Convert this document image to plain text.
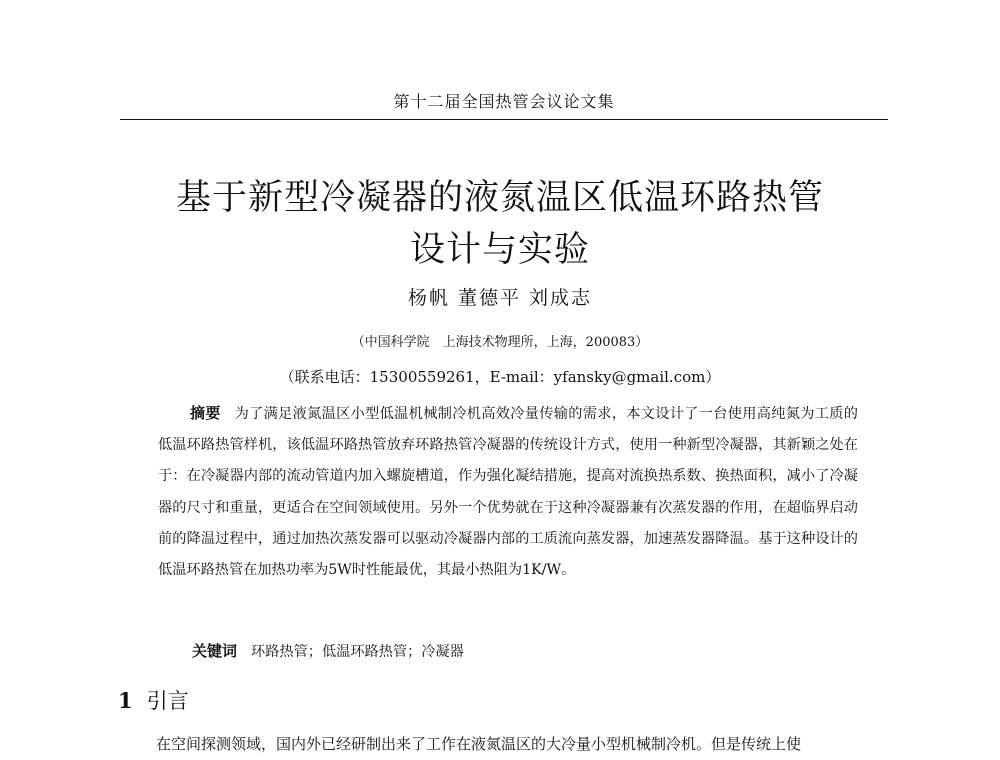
第十二届全国热管会议论文集
基于新型冷凝器的液氮温区低温环路热管
设计与实验
杨帆 董德平 刘成志
（中国科学院　上海技术物理所，上海，200083）
（联系电话：15300559261，E-mail：yfansky@gmail.com）
摘要 为了满足液氮温区小型低温机械制冷机高效冷量传输的需求，本文设计了一台使用高纯氮为工质的低温环路热管样机，该低温环路热管放弃环路热管冷凝器的传统设计方式，使用一种新型冷凝器，其新颖之处在于：在冷凝器内部的流动管道内加入螺旋槽道，作为强化凝结措施，提高对流换热系数、换热面积，减小了冷凝器的尺寸和重量，更适合在空间领域使用。另外一个优势就在于这种冷凝器兼有次蒸发器的作用，在超临界启动前的降温过程中，通过加热次蒸发器可以驱动冷凝器内部的工质流向蒸发器，加速蒸发器降温。基于这种设计的低温环路热管在加热功率为5W时性能最优，其最小热阻为1K/W。
关键词 环路热管；低温环路热管；冷凝器
1 引言
在空间探测领域，国内外已经研制出来了工作在液氮温区的大冷量小型机械制冷机。但是传统上使
